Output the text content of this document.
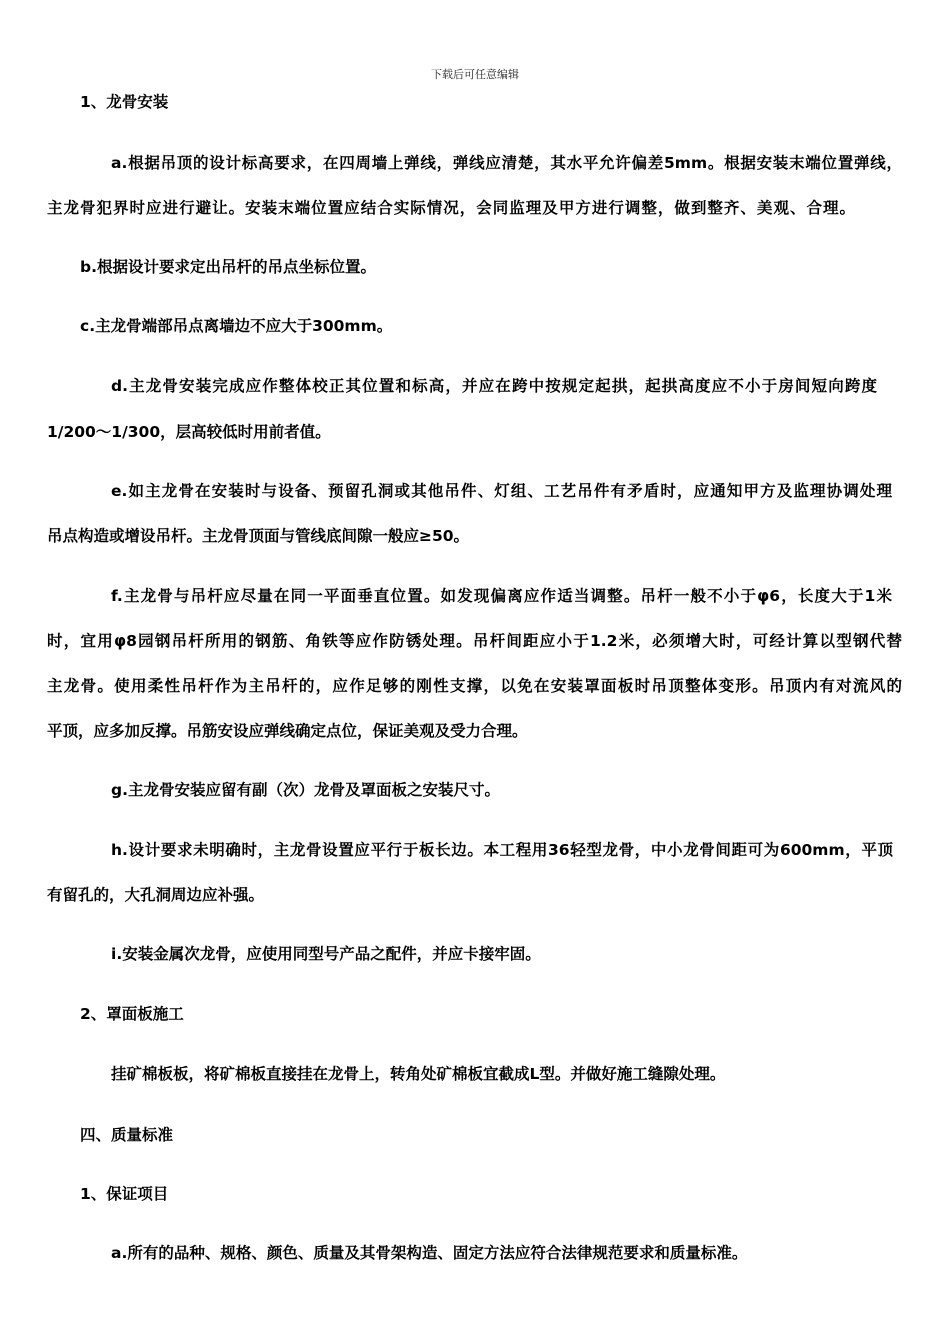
下载后可任意编辑
1、龙骨安装
a.根据吊顶的设计标高要求，在四周墙上弹线，弹线应清楚，其水平允许偏差5mm。根据安装末端位置弹线，
主龙骨犯界时应进行避让。安装末端位置应结合实际情况，会同监理及甲方进行调整，做到整齐、美观、合理。
b.根据设计要求定出吊杆的吊点坐标位置。
c.主龙骨端部吊点离墙边不应大于300mm。
d.主龙骨安装完成应作整体校正其位置和标高，并应在跨中按规定起拱，起拱高度应不小于房间短向跨度
1/200～1/300，层高较低时用前者值。
e.如主龙骨在安装时与设备、预留孔洞或其他吊件、灯组、工艺吊件有矛盾时，应通知甲方及监理协调处理
吊点构造或增设吊杆。主龙骨顶面与管线底间隙一般应≥50。
f.主龙骨与吊杆应尽量在同一平面垂直位置。如发现偏离应作适当调整。吊杆一般不小于φ6，长度大于1米
时，宜用φ8园钢吊杆所用的钢筋、角铁等应作防锈处理。吊杆间距应小于1.2米，必须增大时，可经计算以型钢代替
主龙骨。使用柔性吊杆作为主吊杆的，应作足够的刚性支撑，以免在安装罩面板时吊顶整体变形。吊顶内有对流风的
平顶，应多加反撑。吊筋安设应弹线确定点位，保证美观及受力合理。
g.主龙骨安装应留有副（次）龙骨及罩面板之安装尺寸。
h.设计要求未明确时，主龙骨设置应平行于板长边。本工程用36轻型龙骨，中小龙骨间距可为600mm，平顶
有留孔的，大孔洞周边应补强。
i.安装金属次龙骨，应使用同型号产品之配件，并应卡接牢固。
2、罩面板施工
挂矿棉板板，将矿棉板直接挂在龙骨上，转角处矿棉板宜截成L型。并做好施工缝隙处理。
四、质量标准
1、保证项目
a.所有的品种、规格、颜色、质量及其骨架构造、固定方法应符合法律规范要求和质量标准。
